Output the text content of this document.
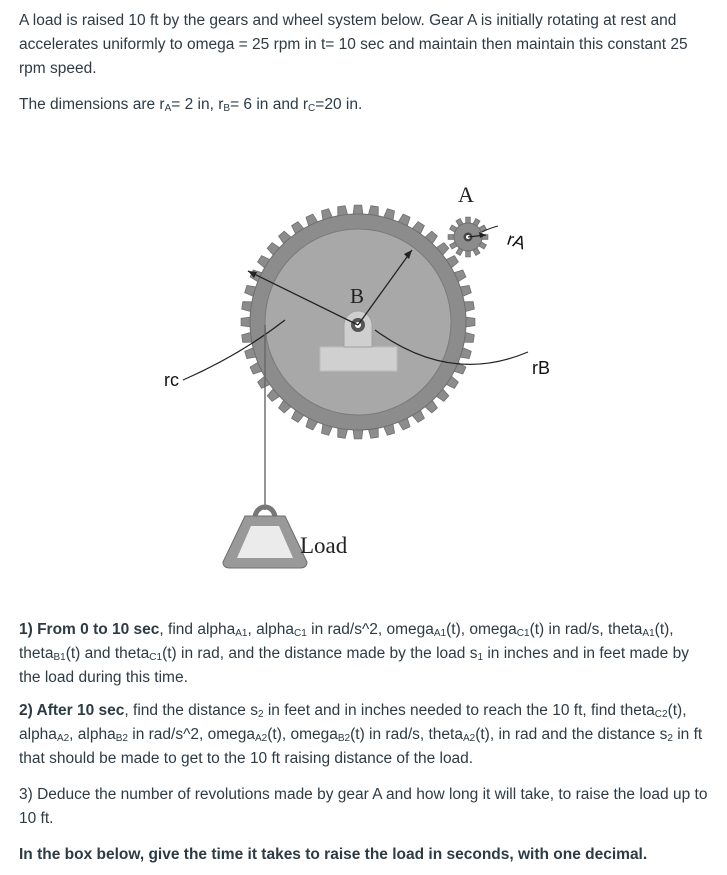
A load is raised 10 ft by the gears and wheel system below. Gear A is initially rotating at rest and accelerates uniformly to omega = 25 rpm in t= 10 sec and maintain then maintain this constant 25 rpm speed.

The dimensions are $r_A= 2$ in, $r_B= 6$ in and $r_C=20$ in.

A
B
Load
rA
rB
rc

1) From 0 to 10 sec, find alpha$_{A1}$, alpha$_{C1}$ in rad/s^2, omega$_{A1}$(t), omega$_{C1}$(t) in rad/s, theta$_{A1}$(t), theta$_{B1}$(t) and theta$_{C1}$(t) in rad, and the distance made by the load $s_1$ in inches and in feet made by the load during this time.

2) After 10 sec, find the distance $s_2$ in feet and in inches needed to reach the 10 ft, find theta$_{C2}$(t), alpha$_{A2}$, alpha$_{B2}$ in rad/s^2, omega$_{A2}$(t), omega$_{B2}$(t) in rad/s, theta$_{A2}$(t), in rad and the distance $s_2$ in ft that should be made to get to the 10 ft raising distance of the load.

3) Deduce the number of revolutions made by gear A and how long it will take, to raise the load up to 10 ft.

In the box below, give the time it takes to raise the load in seconds, with one decimal.
